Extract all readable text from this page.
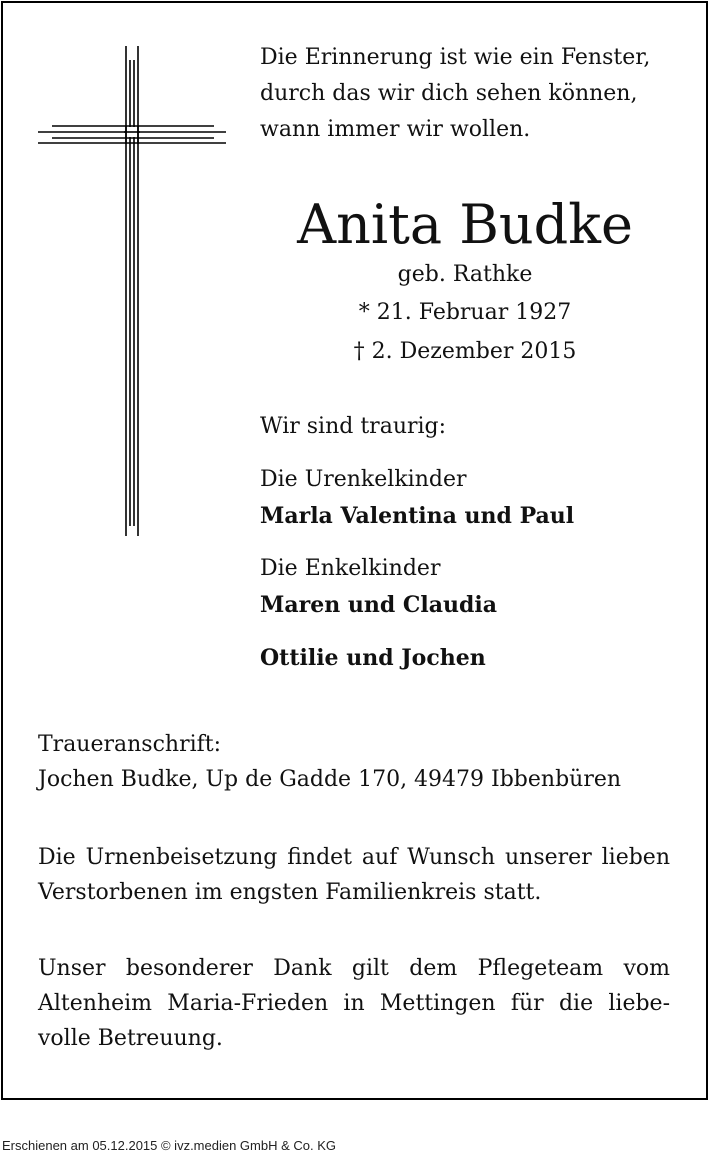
Die Erinnerung ist wie ein Fenster,
durch das wir dich sehen können,
wann immer wir wollen.
Anita Budke
geb. Rathke
* 21. Februar 1927
† 2. Dezember 2015
Wir sind traurig:
Die Urenkelkinder
Marla Valentina und Paul
Die Enkelkinder
Maren und Claudia
Ottilie und Jochen
Traueranschrift:
Jochen Budke, Up de Gadde 170, 49479 Ibbenbüren
Die Urnenbeisetzung findet auf Wunsch unserer lieben Verstorbenen im engsten Familienkreis statt.
Unser besonderer Dank gilt dem Pflegeteam vom Altenheim Maria-Frieden in Mettingen für die liebe-volle Betreuung.
Erschienen am 05.12.2015 © ivz.medien GmbH & Co. KG
